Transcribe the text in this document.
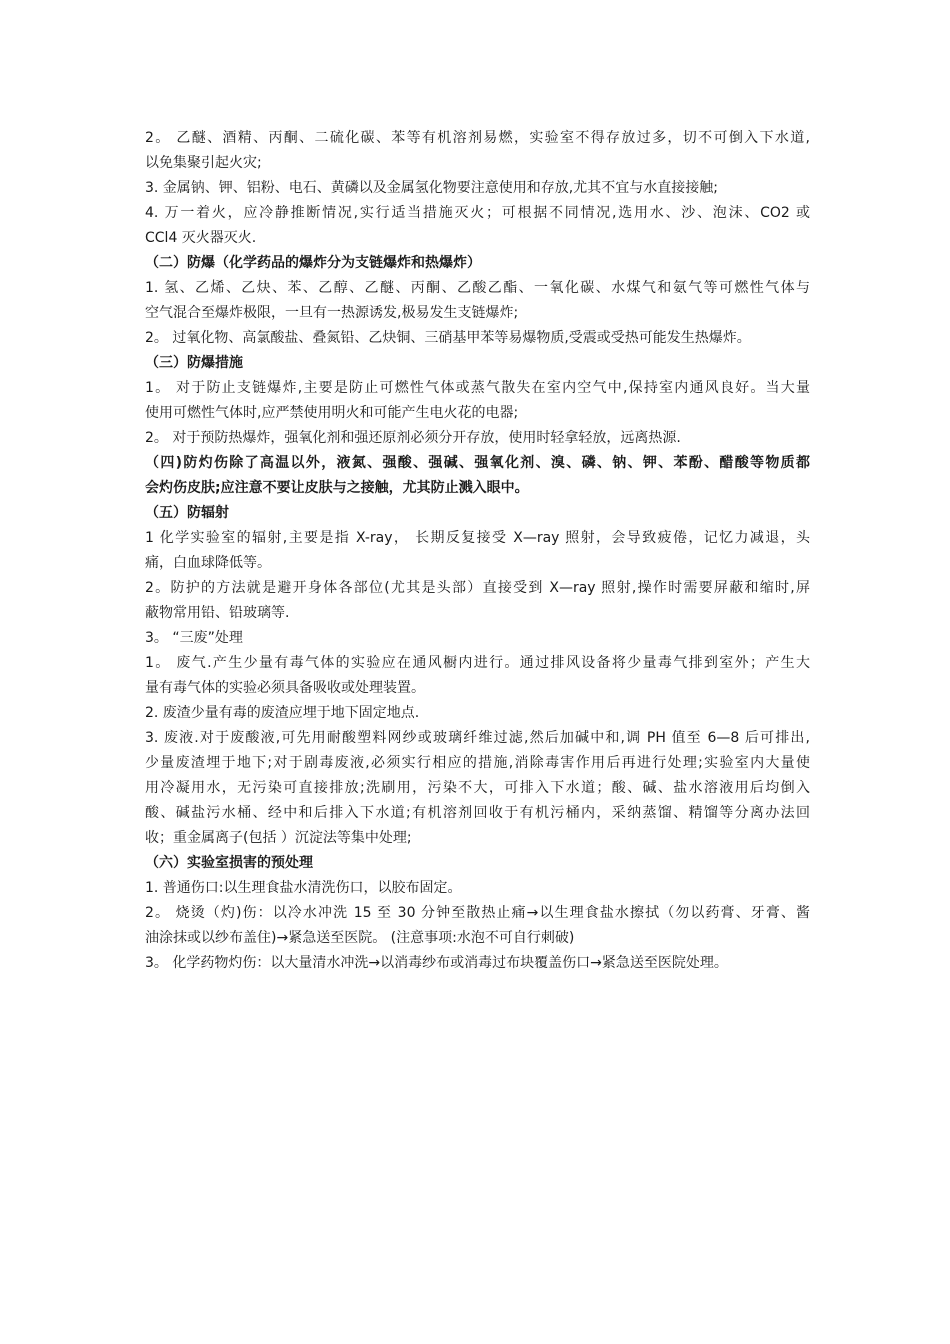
2。 乙醚、酒精、丙酮、二硫化碳、苯等有机溶剂易燃，实验室不得存放过多，切不可倒入下水道,
以免集聚引起火灾;
3. 金属钠、钾、铝粉、电石、黄磷以及金属氢化物要注意使用和存放,尤其不宜与水直接接触;
4. 万一着火，应冷静推断情况,实行适当措施灭火；可根据不同情况,选用水、沙、泡沫、CO2 或
CCl4 灭火器灭火.
（二）防爆（化学药品的爆炸分为支链爆炸和热爆炸）
1. 氢、乙烯、乙炔、苯、乙醇、乙醚、丙酮、乙酸乙酯、一氧化碳、水煤气和氨气等可燃性气体与
空气混合至爆炸极限，一旦有一热源诱发,极易发生支链爆炸;
2。 过氧化物、高氯酸盐、叠氮铅、乙炔铜、三硝基甲苯等易爆物质,受震或受热可能发生热爆炸。
（三）防爆措施
1。 对于防止支链爆炸,主要是防止可燃性气体或蒸气散失在室内空气中,保持室内通风良好。当大量
使用可燃性气体时,应严禁使用明火和可能产生电火花的电器;
2。 对于预防热爆炸，强氧化剂和强还原剂必须分开存放，使用时轻拿轻放，远离热源.
（四)防灼伤除了高温以外，液氮、强酸、强碱、强氧化剂、溴、磷、钠、钾、苯酚、醋酸等物质都
会灼伤皮肤;应注意不要让皮肤与之接触，尤其防止溅入眼中。
（五）防辐射
1 化学实验室的辐射,主要是指 X-ray， 长期反复接受 X—ray 照射，会导致疲倦，记忆力减退，头
痛，白血球降低等。
2。防护的方法就是避开身体各部位(尤其是头部）直接受到 X—ray 照射,操作时需要屏蔽和缩时,屏
蔽物常用铅、铅玻璃等.
3。 “三废”处理
1。 废气.产生少量有毒气体的实验应在通风橱内进行。通过排风设备将少量毒气排到室外；产生大
量有毒气体的实验必须具备吸收或处理装置。
2. 废渣少量有毒的废渣应埋于地下固定地点.
3. 废液.对于废酸液,可先用耐酸塑料网纱或玻璃纤维过滤,然后加碱中和,调 PH 值至 6—8 后可排出,
少量废渣埋于地下;对于剧毒废液,必须实行相应的措施,消除毒害作用后再进行处理;实验室内大量使
用冷凝用水，无污染可直接排放;洗刷用，污染不大，可排入下水道；酸、碱、盐水溶液用后均倒入
酸、碱盐污水桶、经中和后排入下水道;有机溶剂回收于有机污桶内，采纳蒸馏、精馏等分离办法回
收；重金属离子(包括 ）沉淀法等集中处理;
（六）实验室损害的预处理
1. 普通伤口:以生理食盐水清洗伤口，以胶布固定。
2。 烧烫（灼)伤：以冷水冲洗 15 至 30 分钟至散热止痛→以生理食盐水擦拭（勿以药膏、牙膏、酱
油涂抹或以纱布盖住)→紧急送至医院。 (注意事项:水泡不可自行刺破)
3。 化学药物灼伤：以大量清水冲洗→以消毒纱布或消毒过布块覆盖伤口→紧急送至医院处理。
